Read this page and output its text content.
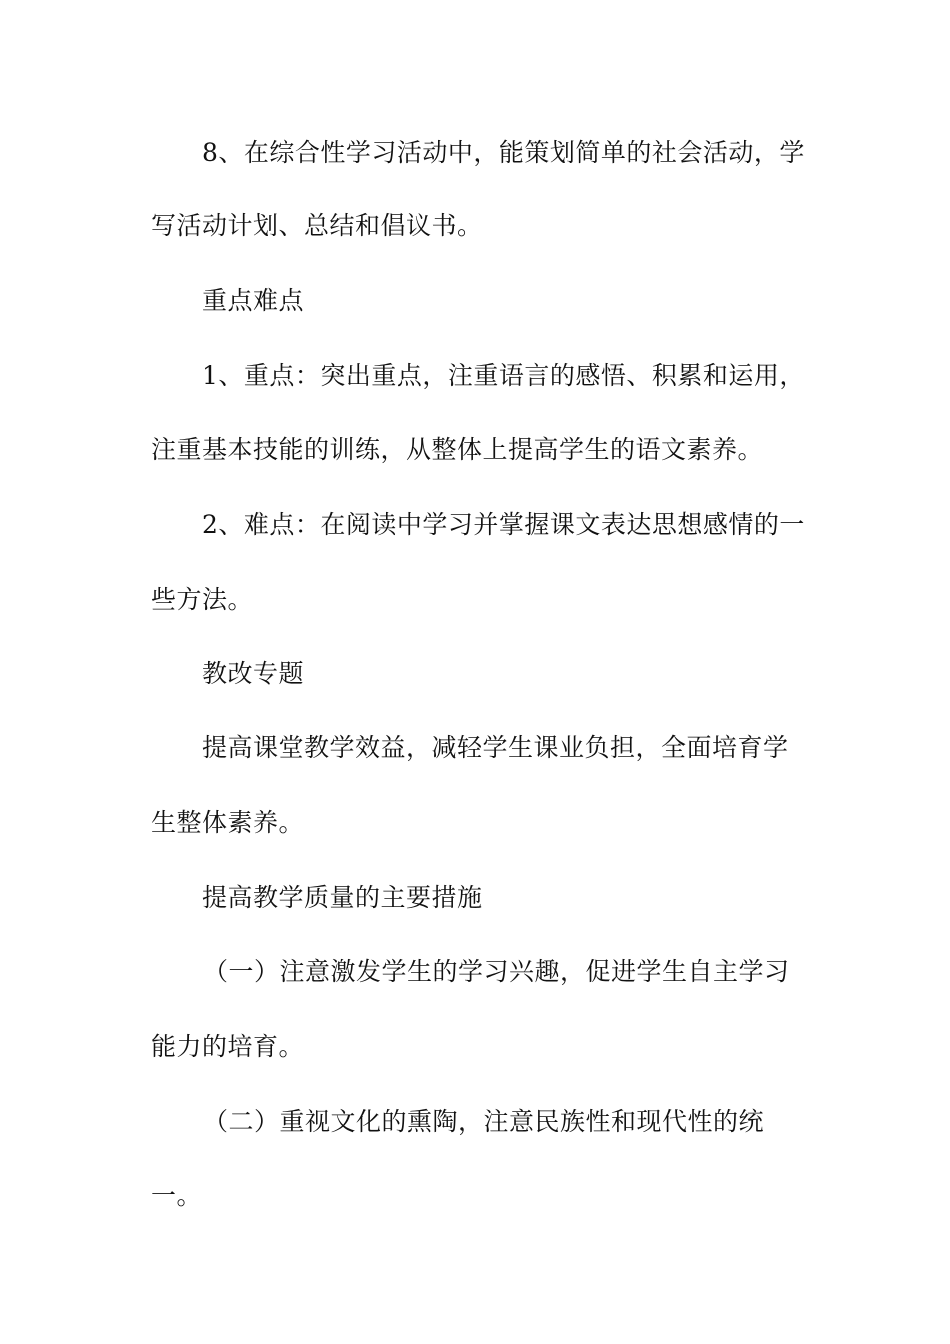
8、在综合性学习活动中，能策划简单的社会活动，学
写活动计划、总结和倡议书。
重点难点
1、重点：突出重点，注重语言的感悟、积累和运用，
注重基本技能的训练，从整体上提高学生的语文素养。
2、难点：在阅读中学习并掌握课文表达思想感情的一
些方法。
教改专题
提高课堂教学效益，减轻学生课业负担，全面培育学
生整体素养。
提高教学质量的主要措施
（一）注意激发学生的学习兴趣，促进学生自主学习
能力的培育。
（二）重视文化的熏陶，注意民族性和现代性的统
一。
